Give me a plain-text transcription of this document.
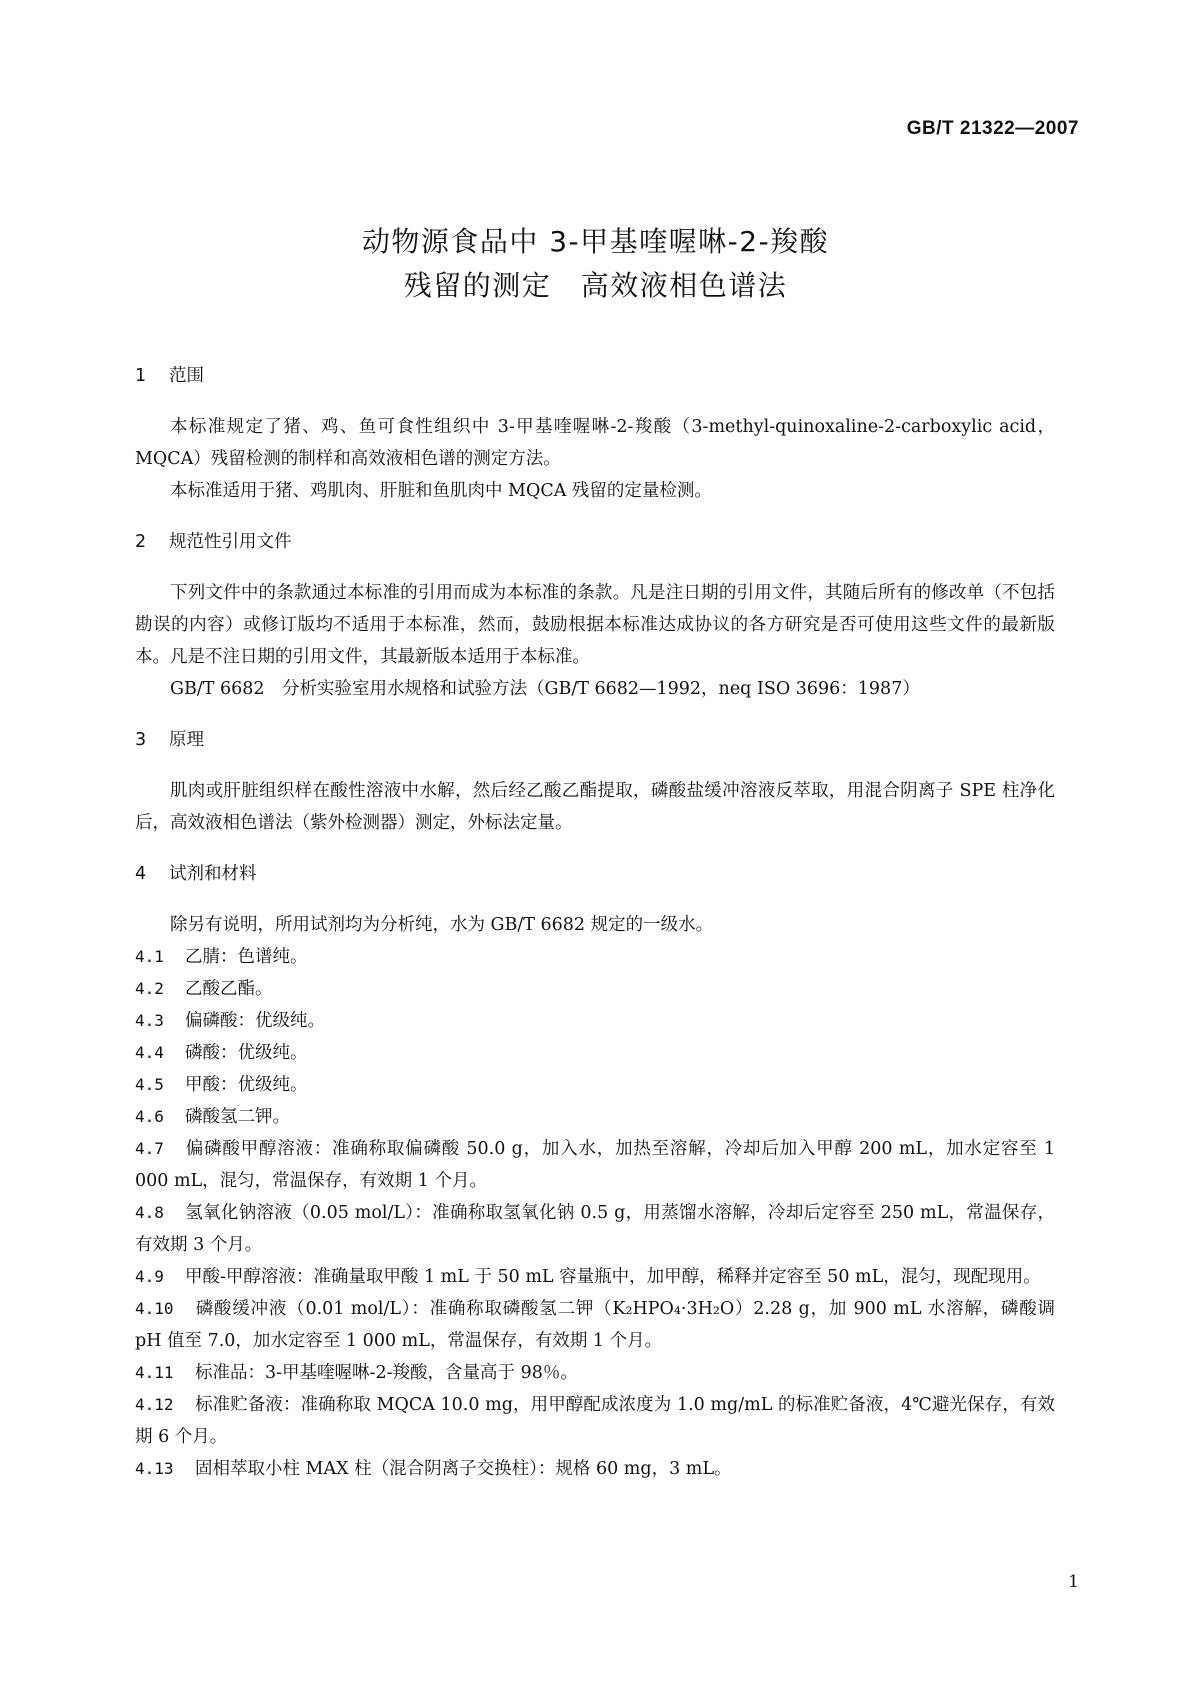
GB/T 21322—2007
动物源食品中 3-甲基喹喔啉-2-羧酸
残留的测定　高效液相色谱法
1 范围

本标准规定了猪、鸡、鱼可食性组织中 3-甲基喹喔啉-2-羧酸（3-methyl-quinoxaline-2-carboxylic acid，MQCA）残留检测的制样和高效液相色谱的测定方法。

本标准适用于猪、鸡肌肉、肝脏和鱼肌肉中 MQCA 残留的定量检测。

2 规范性引用文件

下列文件中的条款通过本标准的引用而成为本标准的条款。凡是注日期的引用文件，其随后所有的修改单（不包括勘误的内容）或修订版均不适用于本标准，然而，鼓励根据本标准达成协议的各方研究是否可使用这些文件的最新版本。凡是不注日期的引用文件，其最新版本适用于本标准。

GB/T 6682　分析实验室用水规格和试验方法（GB/T 6682—1992，neq ISO 3696：1987）

3 原理

肌肉或肝脏组织样在酸性溶液中水解，然后经乙酸乙酯提取，磷酸盐缓冲溶液反萃取，用混合阴离子 SPE 柱净化后，高效液相色谱法（紫外检测器）测定，外标法定量。

4 试剂和材料

除另有说明，所用试剂均为分析纯，水为 GB/T 6682 规定的一级水。

4.1 乙腈：色谱纯。

4.2 乙酸乙酯。

4.3 偏磷酸：优级纯。

4.4 磷酸：优级纯。

4.5 甲酸：优级纯。

4.6 磷酸氢二钾。

4.7 偏磷酸甲醇溶液：准确称取偏磷酸 50.0 g，加入水，加热至溶解，冷却后加入甲醇 200 mL，加水定容至 1 000 mL，混匀，常温保存，有效期 1 个月。

4.8 氢氧化钠溶液（0.05 mol/L）：准确称取氢氧化钠 0.5 g，用蒸馏水溶解，冷却后定容至 250 mL，常温保存，有效期 3 个月。

4.9 甲酸-甲醇溶液：准确量取甲酸 1 mL 于 50 mL 容量瓶中，加甲醇，稀释并定容至 50 mL，混匀，现配现用。

4.10 磷酸缓冲液（0.01 mol/L）：准确称取磷酸氢二钾（K₂HPO₄·3H₂O）2.28 g，加 900 mL 水溶解，磷酸调 pH 值至 7.0，加水定容至 1 000 mL，常温保存，有效期 1 个月。

4.11 标准品：3-甲基喹喔啉-2-羧酸，含量高于 98％。

4.12 标准贮备液：准确称取 MQCA 10.0 mg，用甲醇配成浓度为 1.0 mg/mL 的标准贮备液，4℃避光保存，有效期 6 个月。

4.13 固相萃取小柱 MAX 柱（混合阴离子交换柱）：规格 60 mg，3 mL。

1
